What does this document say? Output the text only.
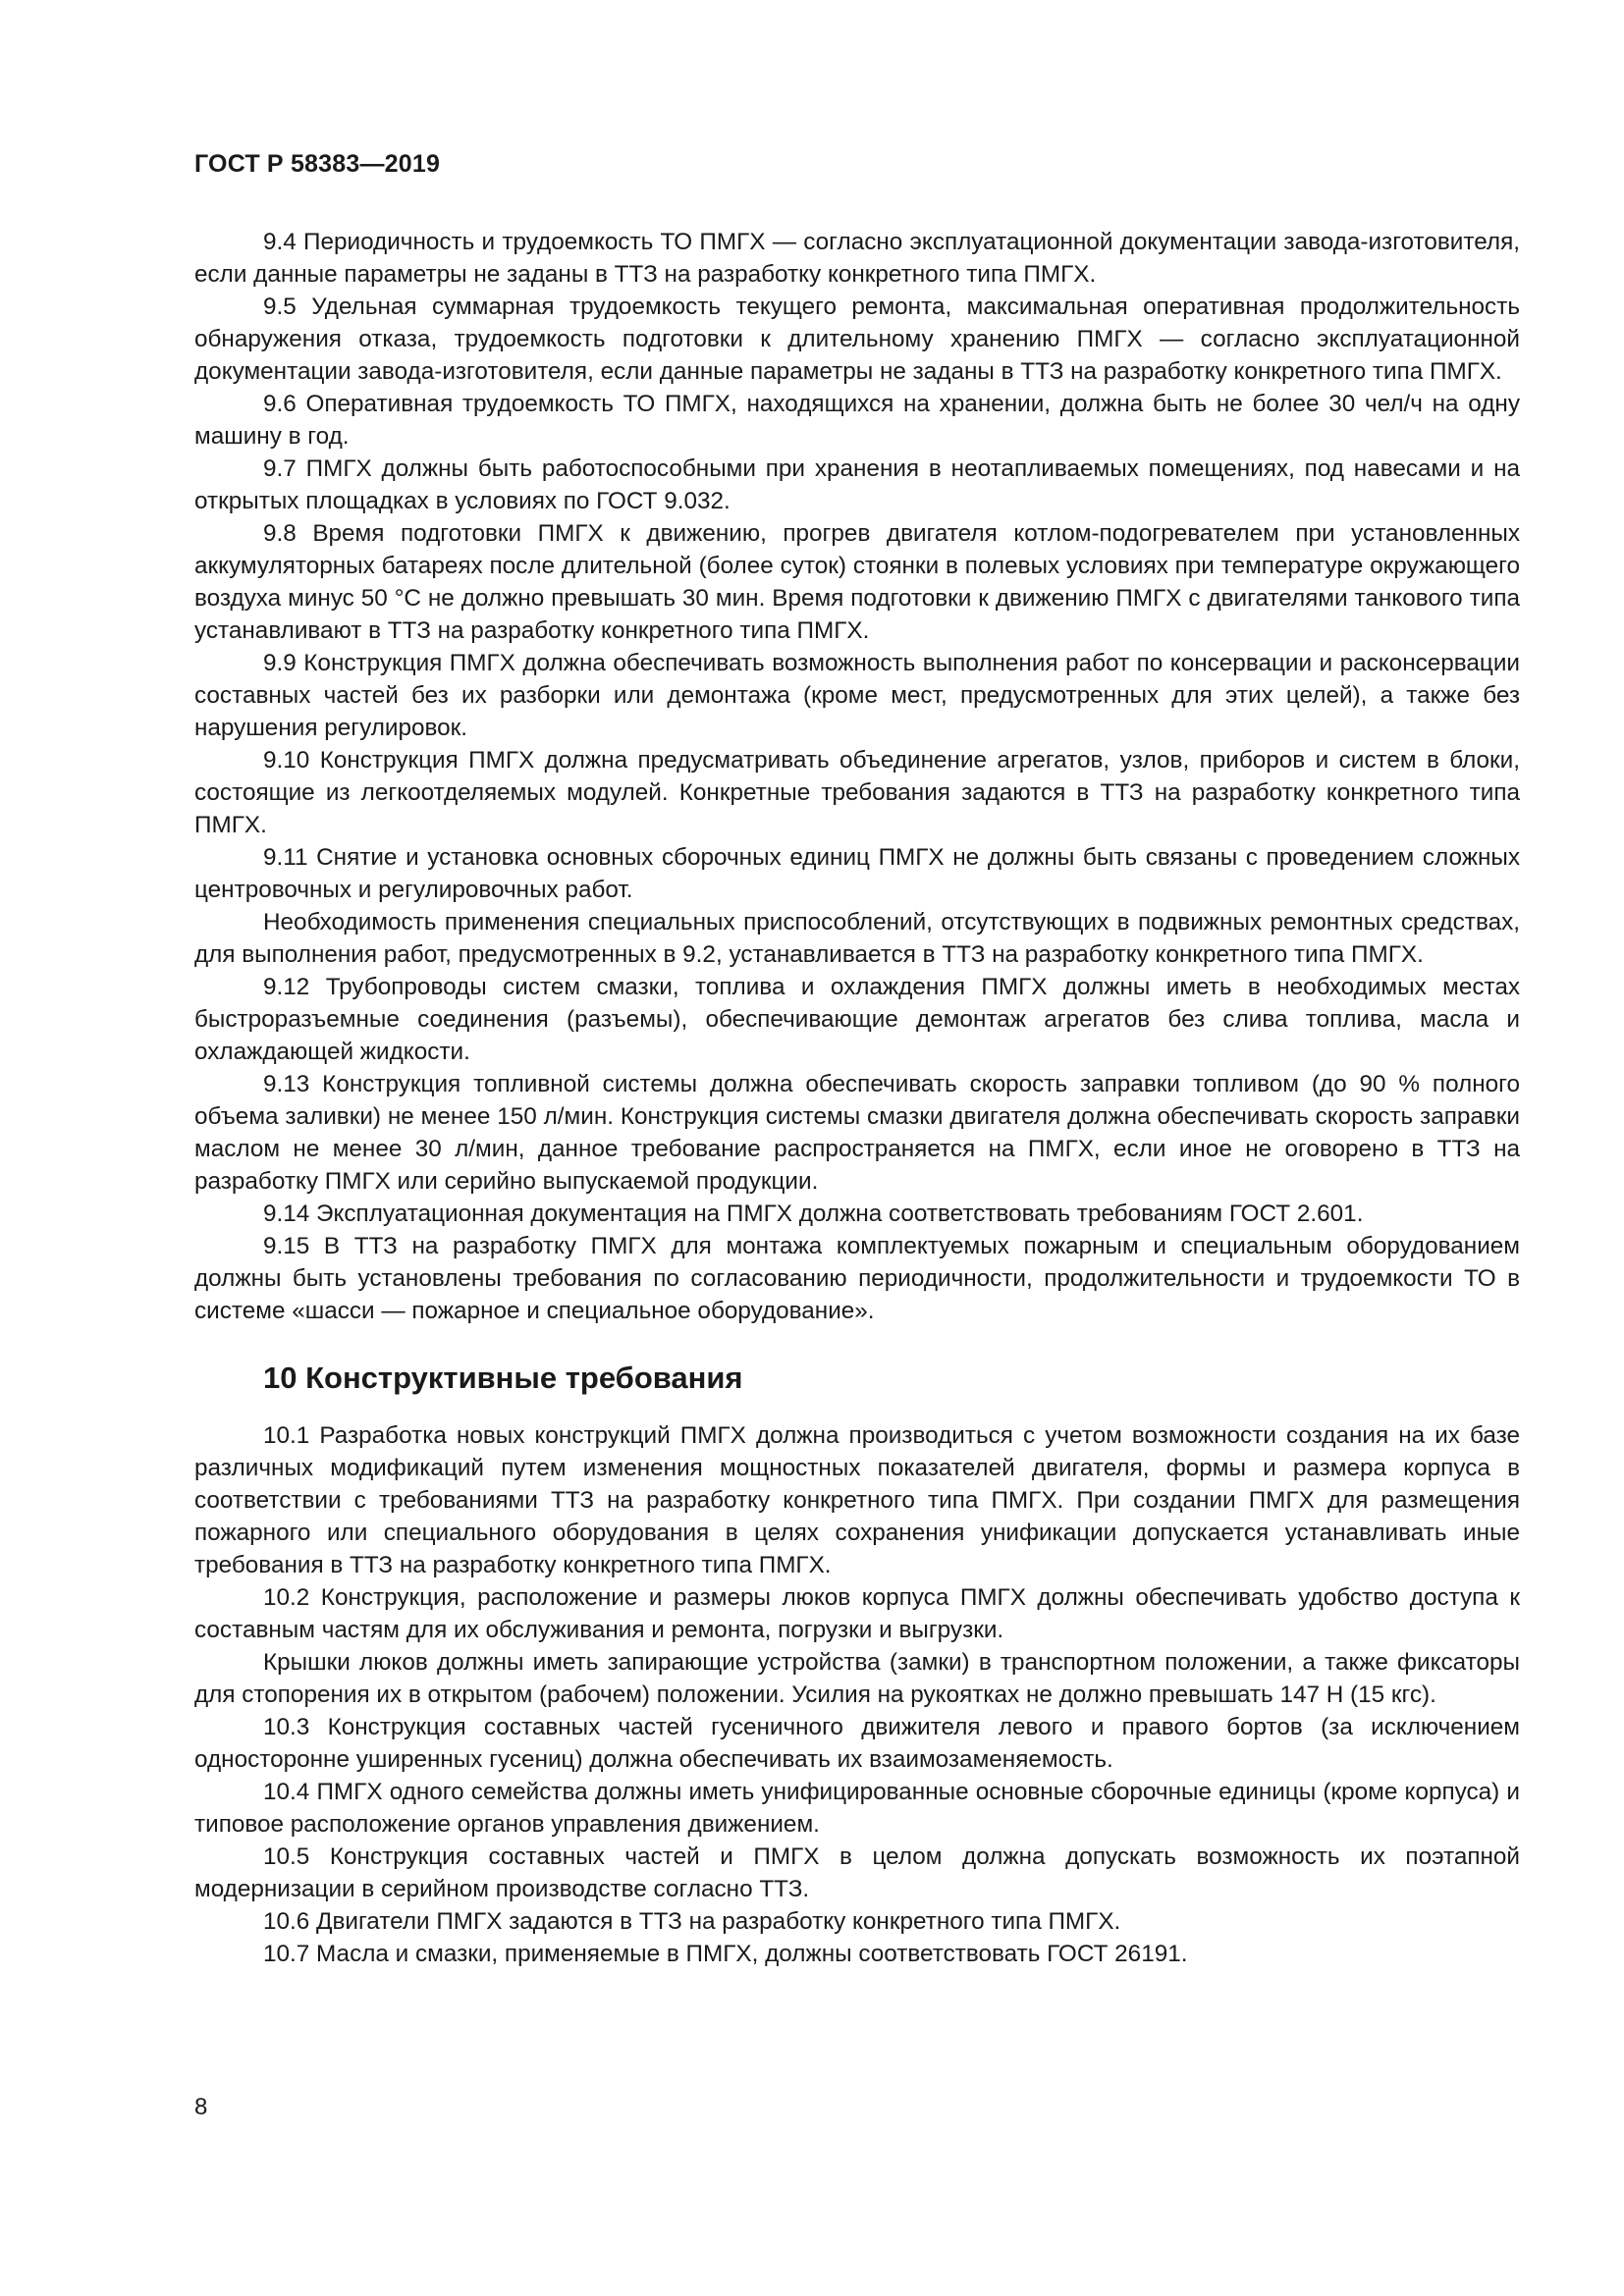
ГОСТ Р 58383—2019

9.4 Периодичность и трудоемкость ТО ПМГХ — согласно эксплуатационной документации завода-изготовителя, если данные параметры не заданы в ТТЗ на разработку конкретного типа ПМГХ.

9.5 Удельная суммарная трудоемкость текущего ремонта, максимальная оперативная продолжительность обнаружения отказа, трудоемкость подготовки к длительному хранению ПМГХ — согласно эксплуатационной документации завода-изготовителя, если данные параметры не заданы в ТТЗ на разработку конкретного типа ПМГХ.

9.6 Оперативная трудоемкость ТО ПМГХ, находящихся на хранении, должна быть не более 30 чел/ч на одну машину в год.

9.7 ПМГХ должны быть работоспособными при хранения в неотапливаемых помещениях, под навесами и на открытых площадках в условиях по ГОСТ 9.032.

9.8 Время подготовки ПМГХ к движению, прогрев двигателя котлом-подогревателем при установленных аккумуляторных батареях после длительной (более суток) стоянки в полевых условиях при температуре окружающего воздуха минус 50 °С не должно превышать 30 мин. Время подготовки к движению ПМГХ с двигателями танкового типа устанавливают в ТТЗ на разработку конкретного типа ПМГХ.

9.9 Конструкция ПМГХ должна обеспечивать возможность выполнения работ по консервации и расконсервации составных частей без их разборки или демонтажа (кроме мест, предусмотренных для этих целей), а также без нарушения регулировок.

9.10 Конструкция ПМГХ должна предусматривать объединение агрегатов, узлов, приборов и систем в блоки, состоящие из легкоотделяемых модулей. Конкретные требования задаются в ТТЗ на разработку конкретного типа ПМГХ.

9.11 Снятие и установка основных сборочных единиц ПМГХ не должны быть связаны с проведением сложных центровочных и регулировочных работ.

Необходимость применения специальных приспособлений, отсутствующих в подвижных ремонтных средствах, для выполнения работ, предусмотренных в 9.2, устанавливается в ТТЗ на разработку конкретного типа ПМГХ.

9.12 Трубопроводы систем смазки, топлива и охлаждения ПМГХ должны иметь в необходимых местах быстроразъемные соединения (разъемы), обеспечивающие демонтаж агрегатов без слива топлива, масла и охлаждающей жидкости.

9.13 Конструкция топливной системы должна обеспечивать скорость заправки топливом (до 90 % полного объема заливки) не менее 150 л/мин. Конструкция системы смазки двигателя должна обеспечивать скорость заправки маслом не менее 30 л/мин, данное требование распространяется на ПМГХ, если иное не оговорено в ТТЗ на разработку ПМГХ или серийно выпускаемой продукции.

9.14 Эксплуатационная документация на ПМГХ должна соответствовать требованиям ГОСТ 2.601.

9.15 В ТТЗ на разработку ПМГХ для монтажа комплектуемых пожарным и специальным оборудованием должны быть установлены требования по согласованию периодичности, продолжительности и трудоемкости ТО в системе «шасси — пожарное и специальное оборудование».

10 Конструктивные требования

10.1 Разработка новых конструкций ПМГХ должна производиться с учетом возможности создания на их базе различных модификаций путем изменения мощностных показателей двигателя, формы и размера корпуса в соответствии с требованиями ТТЗ на разработку конкретного типа ПМГХ. При создании ПМГХ для размещения пожарного или специального оборудования в целях сохранения унификации допускается устанавливать иные требования в ТТЗ на разработку конкретного типа ПМГХ.

10.2 Конструкция, расположение и размеры люков корпуса ПМГХ должны обеспечивать удобство доступа к составным частям для их обслуживания и ремонта, погрузки и выгрузки.

Крышки люков должны иметь запирающие устройства (замки) в транспортном положении, а также фиксаторы для стопорения их в открытом (рабочем) положении. Усилия на рукоятках не должно превышать 147 Н (15 кгс).

10.3 Конструкция составных частей гусеничного движителя левого и правого бортов (за исключением односторонне уширенных гусениц) должна обеспечивать их взаимозаменяемость.

10.4 ПМГХ одного семейства должны иметь унифицированные основные сборочные единицы (кроме корпуса) и типовое расположение органов управления движением.

10.5 Конструкция составных частей и ПМГХ в целом должна допускать возможность их поэтапной модернизации в серийном производстве согласно ТТЗ.

10.6 Двигатели ПМГХ задаются в ТТЗ на разработку конкретного типа ПМГХ.

10.7 Масла и смазки, применяемые в ПМГХ, должны соответствовать ГОСТ 26191.

8
